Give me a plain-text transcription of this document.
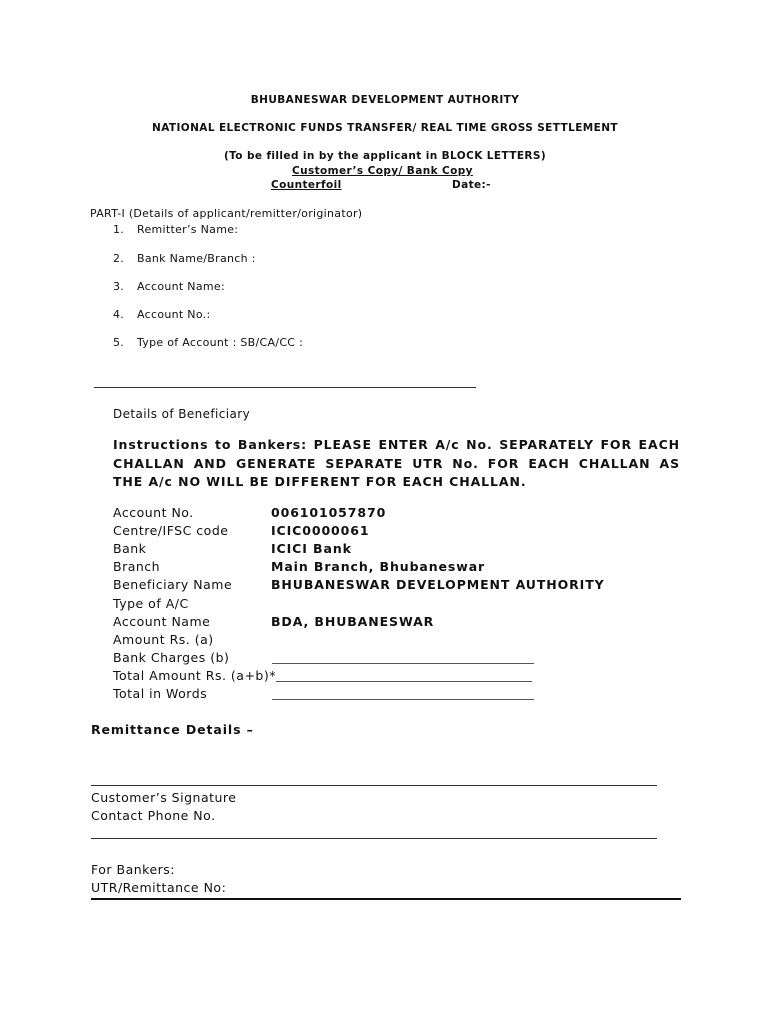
BHUBANESWAR DEVELOPMENT AUTHORITY
NATIONAL ELECTRONIC FUNDS TRANSFER/ REAL TIME GROSS SETTLEMENT
(To be filled in by the applicant in BLOCK LETTERS)
Customer’s Copy/ Bank Copy
Counterfoil	Date:-
PART-I (Details of applicant/remitter/originator)
1. Remitter’s Name:
2. Bank Name/Branch :
3. Account Name:
4. Account No.:
5. Type of Account : SB/CA/CC :
Details of Beneficiary
Instructions to Bankers: PLEASE ENTER A/c No. SEPARATELY FOR EACH CHALLAN AND GENERATE SEPARATE UTR No. FOR EACH CHALLAN AS THE A/c NO WILL BE DIFFERENT FOR EACH CHALLAN.
Account No.	006101057870
Centre/IFSC code	ICIC0000061
Bank	ICICI Bank
Branch	Main Branch, Bhubaneswar
Beneficiary Name	BHUBANESWAR DEVELOPMENT AUTHORITY
Type of A/C
Account Name	BDA, BHUBANESWAR
Amount Rs. (a)
Bank Charges (b)
Total Amount Rs. (a+b)*
Total in Words
Remittance Details –
Customer’s Signature
Contact Phone No.
For Bankers:
UTR/Remittance No:
